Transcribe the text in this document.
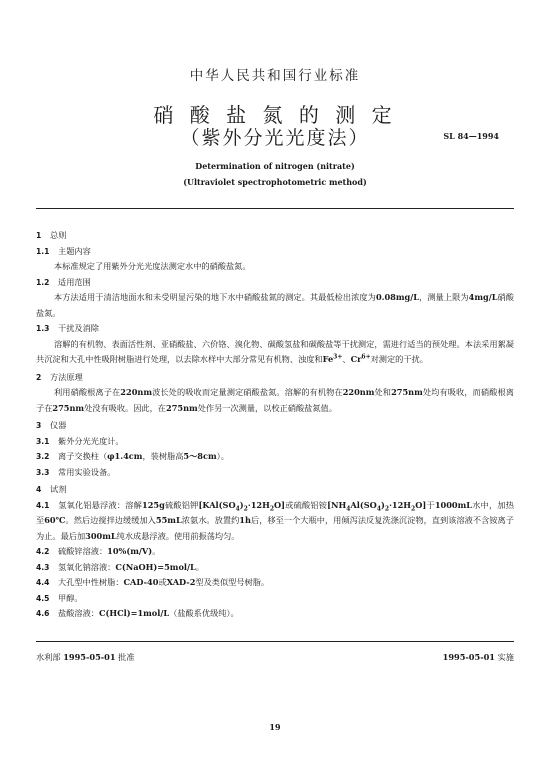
中华人民共和国行业标准
硝 酸 盐 氮 的 测 定
（紫外分光光度法）	SL 84—1994
Determination of nitrogen (nitrate)
(Ultraviolet spectrophotometric method)

1 总则

1.1 主题内容

本标准规定了用紫外分光光度法测定水中的硝酸盐氮。

1.2 适用范围

本方法适用于清洁地面水和未受明显污染的地下水中硝酸盐氮的测定。其最低检出浓度为0.08mg/L，测量上限为4mg/L硝酸盐氮。

1.3 干扰及消除

溶解的有机物、表面活性剂、亚硝酸盐、六价铬、溴化物、碳酸氢盐和碳酸盐等干扰测定，需进行适当的预处理。本法采用絮凝共沉淀和大孔中性吸附树脂进行处理，以去除水样中大部分常见有机物、浊度和$Fe^{3+}$、$Cr^{6+}$对测定的干扰。

2 方法原理

利用硝酸根离子在220nm波长处的吸收而定量测定硝酸盐氮。溶解的有机物在220nm处和275nm处均有吸收，而硝酸根离子在275nm处没有吸收。因此，在275nm处作另一次测量，以校正硝酸盐氮值。

3 仪器

3.1 紫外分光光度计。

3.2 离子交换柱（φ1.4cm，装树脂高5～8cm）。

3.3 常用实验设备。

4 试剂

4.1 氢氧化铝悬浮液：溶解125g硫酸铝钾$[KAl(SO_4)_2\cdot 12H_2O]$或硫酸铝铵$[NH_4Al(SO_4)_2\cdot 12H_2O]$于1000mL水中，加热至60℃。然后边搅拌边缓缓加入55mL浓氨水。放置约1h后，移至一个大瓶中，用倾泻法反复洗涤沉淀物，直到该溶液不含铵离子为止。最后加300mL纯水成悬浮液。使用前振荡均匀。

4.2 硫酸锌溶液：10%(m/V)。

4.3 氢氧化钠溶液：C(NaOH)=5mol/L。

4.4 大孔型中性树脂：CAD-40或XAD-2型及类似型号树脂。

4.5 甲醇。

4.6 盐酸溶液：C(HCl)=1mol/L（盐酸系优级纯）。

水利部 1995-05-01 批准	1995-05-01 实施
19
